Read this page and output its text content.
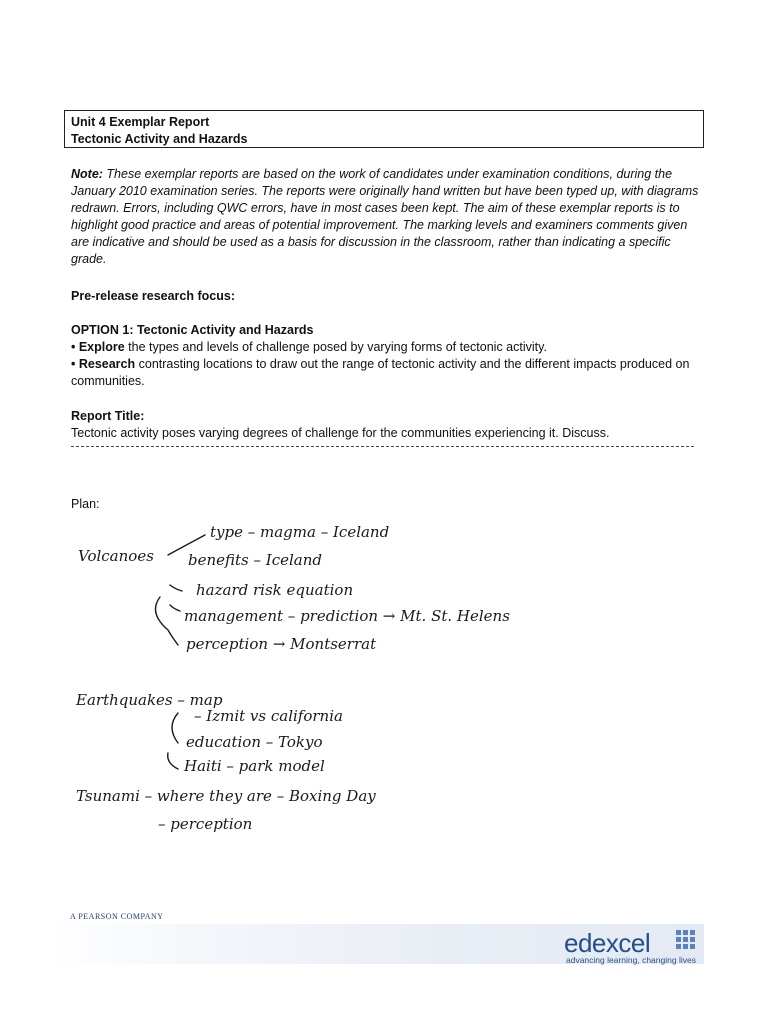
Unit 4 Exemplar Report
Tectonic Activity and Hazards
Note: These exemplar reports are based on the work of candidates under examination conditions, during the January 2010 examination series. The reports were originally hand written but have been typed up, with diagrams redrawn. Errors, including QWC errors, have in most cases been kept. The aim of these exemplar reports is to highlight good practice and areas of potential improvement. The marking levels and examiners comments given are indicative and should be used as a basis for discussion in the classroom, rather than indicating a specific grade.
Pre-release research focus:
OPTION 1: Tectonic Activity and Hazards
• Explore the types and levels of challenge posed by varying forms of tectonic activity.
• Research contrasting locations to draw out the range of tectonic activity and the different impacts produced on communities.
Report Title:
Tectonic activity poses varying degrees of challenge for the communities experiencing it. Discuss.
Plan:
Volcanoes
type – magma – Iceland
benefits – Iceland
hazard risk equation
management – prediction → Mt. St. Helens
perception → Montserrat
Earthquakes – map
– Izmit vs california
education – Tokyo
Haiti – park model
Tsunami – where they are – Boxing Day
– perception
A PEARSON COMPANY
edexcel
advancing learning, changing lives
